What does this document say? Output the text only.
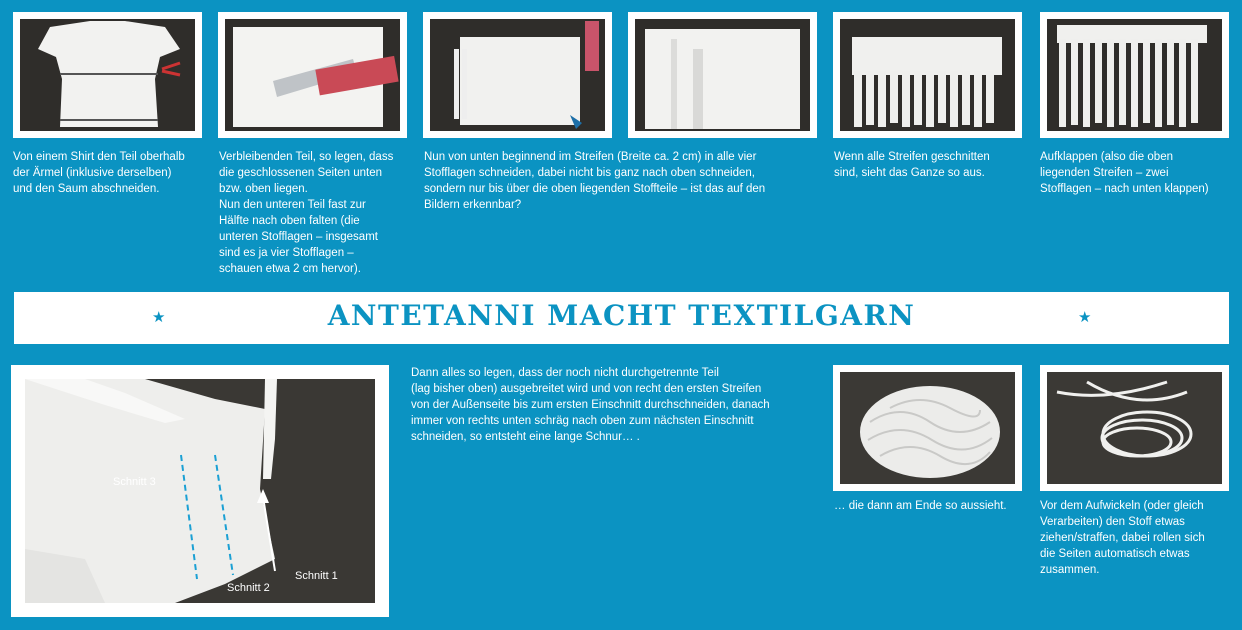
Von einem Shirt den Teil oberhalb

der Ärmel (inklusive derselben)

und den Saum abschneiden.

Verbleibenden Teil, so legen, dass

die geschlossenen Seiten unten

bzw. oben liegen.

Nun den unteren Teil fast zur

Hälfte nach oben falten (die

unteren Stofflagen – insgesamt

sind es ja vier Stofflagen –

schauen etwa 2 cm hervor).

Nun von unten beginnend im Streifen (Breite ca. 2 cm) in alle vier

Stofflagen schneiden, dabei nicht bis ganz nach oben schneiden,

sondern nur bis über die oben liegenden Stoffteile – ist das auf den

Bildern erkennbar?

Wenn alle Streifen geschnitten

sind, sieht das Ganze so aus.

Aufklappen (also die oben

liegenden Streifen – zwei

Stofflagen – nach unten klappen)

★	ANTETANNI MACHT TEXTILGARN	★
Schnitt 3
Schnitt 2
Schnitt 1

Dann alles so legen, dass der noch nicht durchgetrennte Teil

(lag bisher oben) ausgebreitet wird und von recht den ersten Streifen

von der Außenseite bis zum ersten Einschnitt durchschneiden, danach

immer von rechts unten schräg nach oben zum nächsten Einschnitt

schneiden, so entsteht eine lange Schnur… .

… die dann am Ende so aussieht.	Vor dem Aufwickeln (oder gleich

Verarbeiten) den Stoff etwas

ziehen/straffen, dabei rollen sich

die Seiten automatisch etwas

zusammen.
